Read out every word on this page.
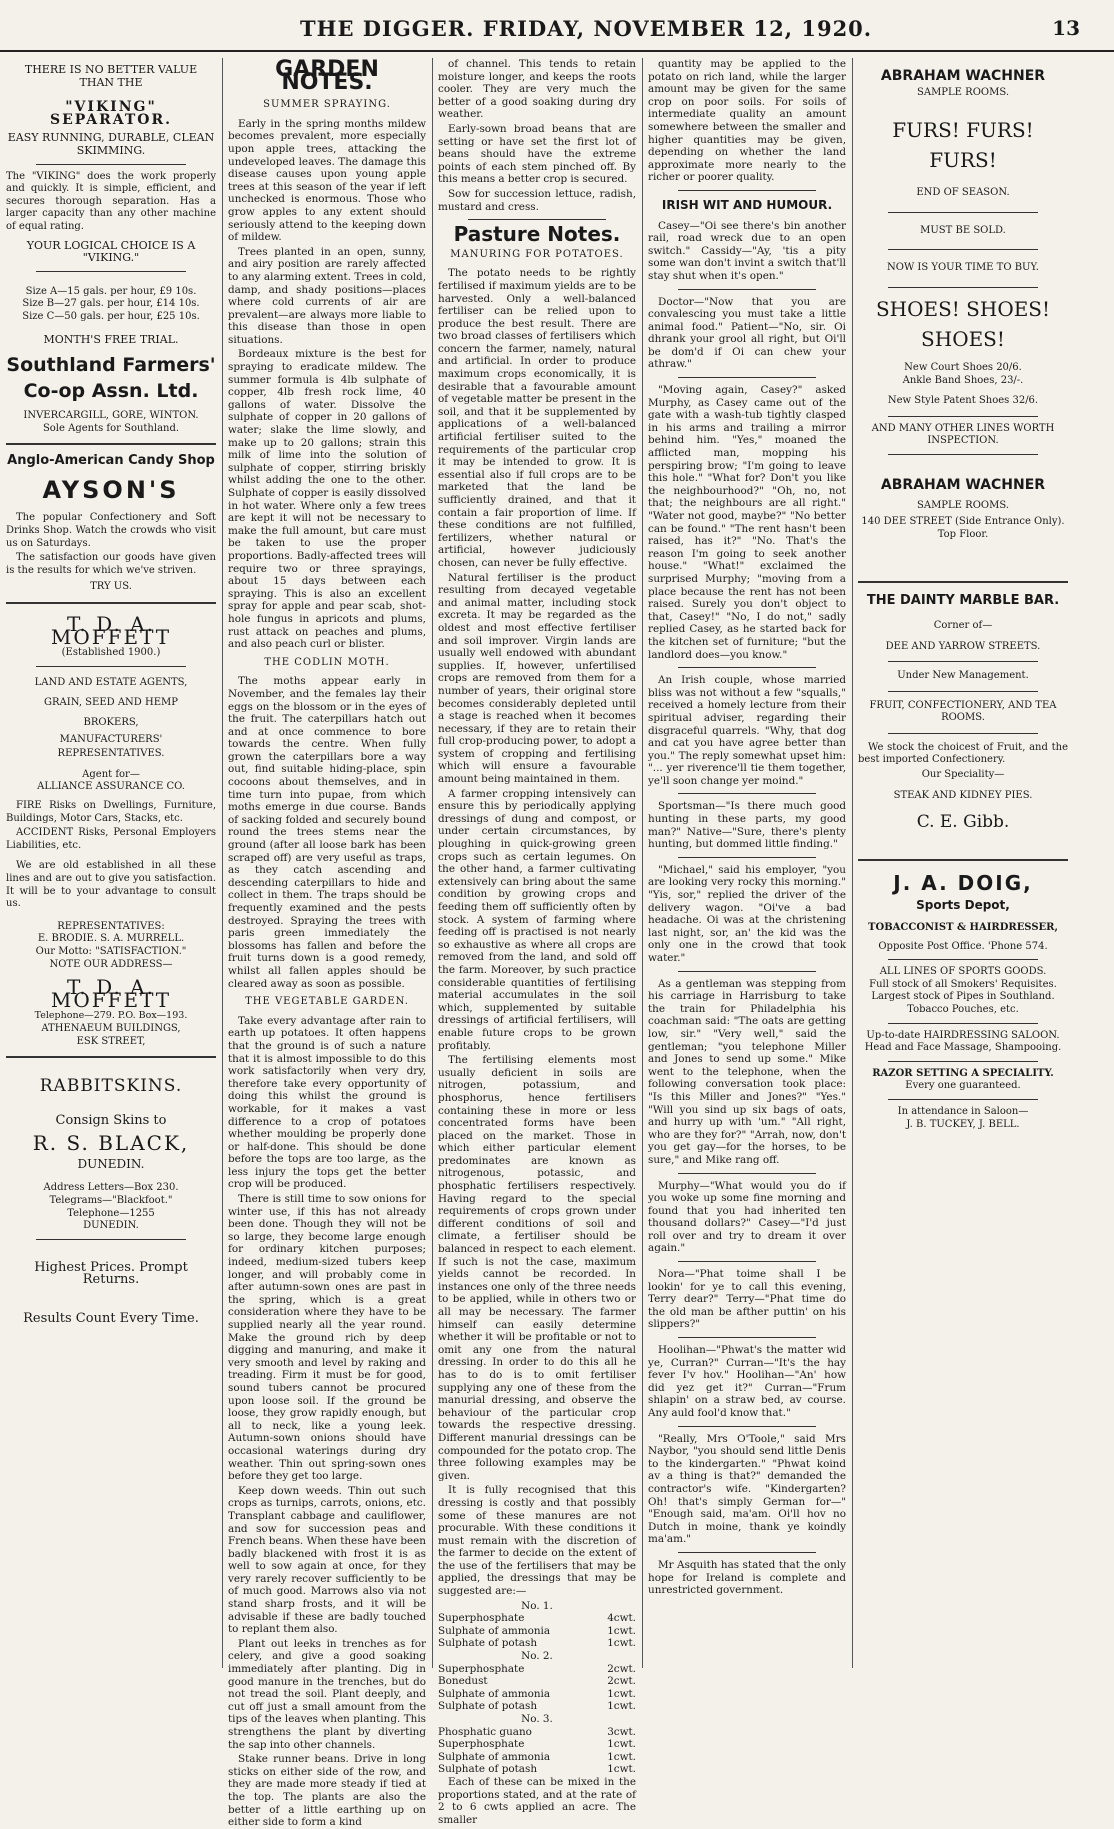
THE DIGGER. FRIDAY, NOVEMBER 12, 1920.	13
THERE IS NO BETTER VALUE THAN THE
"VIKING" SEPARATOR.
EASY RUNNING, DURABLE, CLEAN SKIMMING.

The "VIKING" does the work properly and quickly. It is simple, efficient, and secures thorough separation. Has a larger capacity than any other machine of equal rating.

YOUR LOGICAL CHOICE IS A "VIKING."
Size A—15 gals. per hour, £9 10s.
Size B—27 gals. per hour, £14 10s.
Size C—50 gals. per hour, £25 10s.
MONTH'S FREE TRIAL.
Southland Farmers' Co-op Assn. Ltd.
INVERCARGILL, GORE, WINTON.
Sole Agents for Southland.
Anglo-American Candy Shop
AYSON'S

The popular Confectionery and Soft Drinks Shop. Watch the crowds who visit us on Saturdays.

The satisfaction our goods have given is the results for which we've striven.

TRY US.
T. D. A. MOFFETT
(Established 1900.)
LAND AND ESTATE AGENTS,
GRAIN, SEED AND HEMP
BROKERS,
MANUFACTURERS' REPRESENTATIVES.
Agent for—
ALLIANCE ASSURANCE CO.

FIRE Risks on Dwellings, Furniture, Buildings, Motor Cars, Stacks, etc.

ACCIDENT Risks, Personal Employers Liabilities, etc.

We are old established in all these lines and are out to give you satisfaction. It will be to your advantage to consult us.

REPRESENTATIVES:
E. BRODIE. S. A. MURRELL.
Our Motto: "SATISFACTION."
NOTE OUR ADDRESS—
T. D. A. MOFFETT
Telephone—279. P.O. Box—193.
ATHENAEUM BUILDINGS,
ESK STREET,
RABBITSKINS.
Consign Skins to
R. S. BLACK,
DUNEDIN.
Address Letters—Box 230.
Telegrams—"Blackfoot."
Telephone—1255
DUNEDIN.
Highest Prices. Prompt Returns.
Results Count Every Time.
GARDEN NOTES.
SUMMER SPRAYING.

Early in the spring months mildew becomes prevalent, more especially upon apple trees, attacking the undeveloped leaves. The damage this disease causes upon young apple trees at this season of the year if left unchecked is enormous. Those who grow apples to any extent should seriously attend to the keeping down of mildew.

Trees planted in an open, sunny, and airy position are rarely affected to any alarming extent. Trees in cold, damp, and shady positions—places where cold currents of air are prevalent—are always more liable to this disease than those in open situations.

Bordeaux mixture is the best for spraying to eradicate mildew. The summer formula is 4lb sulphate of copper, 4lb fresh rock lime, 40 gallons of water. Dissolve the sulphate of copper in 20 gallons of water; slake the lime slowly, and make up to 20 gallons; strain this milk of lime into the solution of sulphate of copper, stirring briskly whilst adding the one to the other. Sulphate of copper is easily dissolved in hot water. Where only a few trees are kept it will not be necessary to make the full amount, but care must be taken to use the proper proportions. Badly-affected trees will require two or three sprayings, about 15 days between each spraying. This is also an excellent spray for apple and pear scab, shot-hole fungus in apricots and plums, rust attack on peaches and plums, and also peach curl or blister.

THE CODLIN MOTH.

The moths appear early in November, and the females lay their eggs on the blossom or in the eyes of the fruit. The caterpillars hatch out and at once commence to bore towards the centre. When fully grown the caterpillars bore a way out, find suitable hiding-place, spin cocoons about themselves, and in time turn into pupae, from which moths emerge in due course. Bands of sacking folded and securely bound round the trees stems near the ground (after all loose bark has been scraped off) are very useful as traps, as they catch ascending and descending caterpillars to hide and collect in them. The traps should be frequently examined and the pests destroyed. Spraying the trees with paris green immediately the blossoms has fallen and before the fruit turns down is a good remedy, whilst all fallen apples should be cleared away as soon as possible.

THE VEGETABLE GARDEN.

Take every advantage after rain to earth up potatoes. It often happens that the ground is of such a nature that it is almost impossible to do this work satisfactorily when very dry, therefore take every opportunity of doing this whilst the ground is workable, for it makes a vast difference to a crop of potatoes whether moulding be properly done or half-done. This should be done before the tops are too large, as the less injury the tops get the better crop will be produced.

There is still time to sow onions for winter use, if this has not already been done. Though they will not be so large, they become large enough for ordinary kitchen purposes; indeed, medium-sized tubers keep longer, and will probably come in after autumn-sown ones are past in the spring, which is a great consideration where they have to be supplied nearly all the year round. Make the ground rich by deep digging and manuring, and make it very smooth and level by raking and treading. Firm it must be for good, sound tubers cannot be procured upon loose soil. If the ground be loose, they grow rapidly enough, but all to neck, like a young leek. Autumn-sown onions should have occasional waterings during dry weather. Thin out spring-sown ones before they get too large.

Keep down weeds. Thin out such crops as turnips, carrots, onions, etc. Transplant cabbage and cauliflower, and sow for succession peas and French beans. When these have been badly blackened with frost it is as well to sow again at once, for they very rarely recover sufficiently to be of much good. Marrows also via not stand sharp frosts, and it will be advisable if these are badly touched to replant them also.

Plant out leeks in trenches as for celery, and give a good soaking immediately after planting. Dig in good manure in the trenches, but do not tread the soil. Plant deeply, and cut off just a small amount from the tips of the leaves when planting. This strengthens the plant by diverting the sap into other channels.

Stake runner beans. Drive in long sticks on either side of the row, and they are made more steady if tied at the top. The plants are also the better of a little earthing up on either side to form a kind

of channel. This tends to retain moisture longer, and keeps the roots cooler. They are very much the better of a good soaking during dry weather.

Early-sown broad beans that are setting or have set the first lot of beans should have the extreme points of each stem pinched off. By this means a better crop is secured.

Sow for succession lettuce, radish, mustard and cress.

Pasture Notes.
MANURING FOR POTATOES.

The potato needs to be rightly fertilised if maximum yields are to be harvested. Only a well-balanced fertiliser can be relied upon to produce the best result. There are two broad classes of fertilisers which concern the farmer, namely, natural and artificial. In order to produce maximum crops economically, it is desirable that a favourable amount of vegetable matter be present in the soil, and that it be supplemented by applications of a well-balanced artificial fertiliser suited to the requirements of the particular crop it may be intended to grow. It is essential also if full crops are to be marketed that the land be sufficiently drained, and that it contain a fair proportion of lime. If these conditions are not fulfilled, fertilizers, whether natural or artificial, however judiciously chosen, can never be fully effective.

Natural fertiliser is the product resulting from decayed vegetable and animal matter, including stock excreta. It may be regarded as the oldest and most effective fertiliser and soil improver. Virgin lands are usually well endowed with abundant supplies. If, however, unfertilised crops are removed from them for a number of years, their original store becomes considerably depleted until a stage is reached when it becomes necessary, if they are to retain their full crop-producing power, to adopt a system of cropping and fertilising which will ensure a favourable amount being maintained in them.

A farmer cropping intensively can ensure this by periodically applying dressings of dung and compost, or under certain circumstances, by ploughing in quick-growing green crops such as certain legumes. On the other hand, a farmer cultivating extensively can bring about the same condition by growing crops and feeding them off sufficiently often by stock. A system of farming where feeding off is practised is not nearly so exhaustive as where all crops are removed from the land, and sold off the farm. Moreover, by such practice considerable quantities of fertilising material accumulates in the soil which, supplemented by suitable dressings of artificial fertilisers, will enable future crops to be grown profitably.

The fertilising elements most usually deficient in soils are nitrogen, potassium, and phosphorus, hence fertilisers containing these in more or less concentrated forms have been placed on the market. Those in which either particular element predominates are known as nitrogenous, potassic, and phosphatic fertilisers respectively. Having regard to the special requirements of crops grown under different conditions of soil and climate, a fertiliser should be balanced in respect to each element. If such is not the case, maximum yields cannot be recorded. In instances one only of the three needs to be applied, while in others two or all may be necessary. The farmer himself can easily determine whether it will be profitable or not to omit any one from the natural dressing. In order to do this all he has to do is to omit fertiliser supplying any one of these from the manurial dressing, and observe the behaviour of the particular crop towards the respective dressing. Different manurial dressings can be compounded for the potato crop. The three following examples may be given.

It is fully recognised that this dressing is costly and that possibly some of these manures are not procurable. With these conditions it must remain with the discretion of the farmer to decide on the extent of the use of the fertilisers that may be applied, the dressings that may be suggested are:—

No. 1.
Superphosphate	4cwt.
Sulphate of ammonia	1cwt.
Sulphate of potash	1cwt.
No. 2.
Superphosphate	2cwt.
Bonedust	2cwt.
Sulphate of ammonia	1cwt.
Sulphate of potash	1cwt.
No. 3.
Phosphatic guano	3cwt.
Superphosphate	1cwt.
Sulphate of ammonia	1cwt.
Sulphate of potash	1cwt.

Each of these can be mixed in the proportions stated, and at the rate of 2 to 6 cwts applied an acre. The smaller

quantity may be applied to the potato on rich land, while the larger amount may be given for the same crop on poor soils. For soils of intermediate quality an amount somewhere between the smaller and higher quantities may be given, depending on whether the land approximate more nearly to the richer or poorer quality.

IRISH WIT AND HUMOUR.

Casey—"Oi see there's bin another rail, road wreck due to an open switch." Cassidy—"Ay, 'tis a pity some wan don't invint a switch that'll stay shut when it's open."

Doctor—"Now that you are convalescing you must take a little animal food." Patient—"No, sir. Oi dhrank your grool all right, but Oi'll be dom'd if Oi can chew your athraw."

"Moving again, Casey?" asked Murphy, as Casey came out of the gate with a wash-tub tightly clasped in his arms and trailing a mirror behind him. "Yes," moaned the afflicted man, mopping his perspiring brow; "I'm going to leave this hole." "What for? Don't you like the neighbourhood?" "Oh, no, not that; the neighbours are all right." "Water not good, maybe?" "No better can be found." "The rent hasn't been raised, has it?" "No. That's the reason I'm going to seek another house." "What!" exclaimed the surprised Murphy; "moving from a place because the rent has not been raised. Surely you don't object to that, Casey!" "No, I do not," sadly replied Casey, as he started back for the kitchen set of furniture; "but the landlord does—you know."

An Irish couple, whose married bliss was not without a few "squalls," received a homely lecture from their spiritual adviser, regarding their disgraceful quarrels. "Why, that dog and cat you have agree better than you." The reply somewhat upset him: "... yer riverence'll tie them together, ye'll soon change yer moind."

Sportsman—"Is there much good hunting in these parts, my good man?" Native—"Sure, there's plenty hunting, but dommed little finding."

"Michael," said his employer, "you are looking very rocky this morning." "Yis, sor," replied the driver of the delivery wagon. "Oi've a bad headache. Oi was at the christening last night, sor, an' the kid was the only one in the crowd that took water."

As a gentleman was stepping from his carriage in Harrisburg to take the train for Philadelphia his coachman said: "The oats are getting low, sir." "Very well," said the gentleman; "you telephone Miller and Jones to send up some." Mike went to the telephone, when the following conversation took place: "Is this Miller and Jones?" "Yes." "Will you sind up six bags of oats, and hurry up with 'um." "All right, who are they for?" "Arrah, now, don't you get gay—for the horses, to be sure," and Mike rang off.

Murphy—"What would you do if you woke up some fine morning and found that you had inherited ten thousand dollars?" Casey—"I'd just roll over and try to dream it over again."

Nora—"Phat toime shall I be lookin' for ye to call this evening, Terry dear?" Terry—"Phat time do the old man be afther puttin' on his slippers?"

Hoolihan—"Phwat's the matter wid ye, Curran?" Curran—"It's the hay fever I'v hov." Hoolihan—"An' how did yez get it?" Curran—"Frum shlapin' on a straw bed, av course. Any auld fool'd know that."

"Really, Mrs O'Toole," said Mrs Naybor, "you should send little Denis to the kindergarten." "Phwat koind av a thing is that?" demanded the contractor's wife. "Kindergarten? Oh! that's simply German for—" "Enough said, ma'am. Oi'll hov no Dutch in moine, thank ye koindly ma'am."

Mr Asquith has stated that the only hope for Ireland is complete and unrestricted government.

ABRAHAM WACHNER
SAMPLE ROOMS.
FURS! FURS! FURS!
END OF SEASON.
MUST BE SOLD.
NOW IS YOUR TIME TO BUY.
SHOES! SHOES! SHOES!
New Court Shoes 20/6.
Ankle Band Shoes, 23/-.
New Style Patent Shoes 32/6.
AND MANY OTHER LINES WORTH INSPECTION.
ABRAHAM WACHNER
SAMPLE ROOMS.
140 DEE STREET (Side Entrance Only). Top Floor.
THE DAINTY MARBLE BAR.
Corner of—
DEE AND YARROW STREETS.
Under New Management.
FRUIT, CONFECTIONERY, AND TEA ROOMS.

We stock the choicest of Fruit, and the best imported Confectionery.

Our Speciality—
STEAK AND KIDNEY PIES.
C. E. Gibb.
J. A. DOIG,
Sports Depot,
TOBACCONIST & HAIRDRESSER,
Opposite Post Office. 'Phone 574.
ALL LINES OF SPORTS GOODS.
Full stock of all Smokers' Requisites. Largest stock of Pipes in Southland. Tobacco Pouches, etc.
Up-to-date HAIRDRESSING SALOON.
Head and Face Massage, Shampooing.
RAZOR SETTING A SPECIALITY.
Every one guaranteed.
In attendance in Saloon—
J. B. TUCKEY, J. BELL.
